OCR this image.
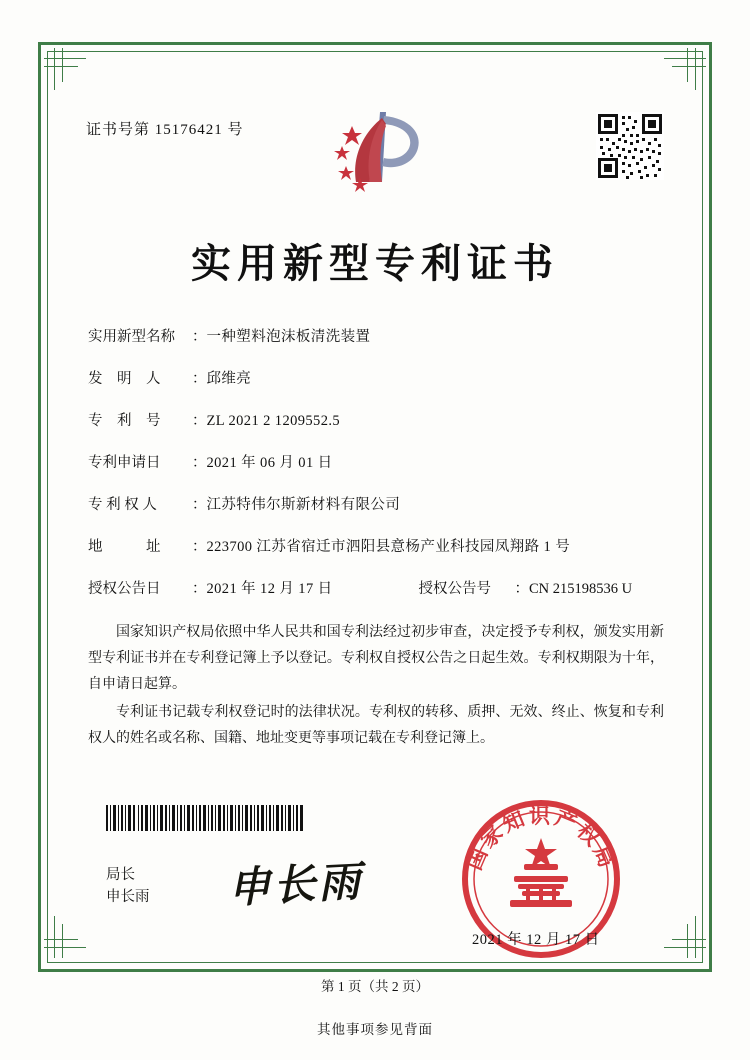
证书号第 15176421 号
实用新型专利证书
实用新型名称	： 一种塑料泡沫板清洗装置
发　明　人	： 邱维亮
专　利　号	： ZL 2021 2 1209552.5
专利申请日	： 2021 年 06 月 01 日
专 利 权 人	： 江苏特伟尔斯新材料有限公司
地　　　址	： 223700 江苏省宿迁市泗阳县意杨产业科技园凤翔路 1 号
授权公告日	： 2021 年 12 月 17 日	授权公告号	： CN 215198536 U

国家知识产权局依照中华人民共和国专利法经过初步审查，决定授予专利权，颁发实用新型专利证书并在专利登记簿上予以登记。专利权自授权公告之日起生效。专利权期限为十年，自申请日起算。

专利证书记载专利权登记时的法律状况。专利权的转移、质押、无效、终止、恢复和专利权人的姓名或名称、国籍、地址变更等事项记载在专利登记簿上。

局长
申长雨 申长雨	国家知识产权局
2021 年 12 月 17 日
第 1 页（共 2 页）
其他事项参见背面
